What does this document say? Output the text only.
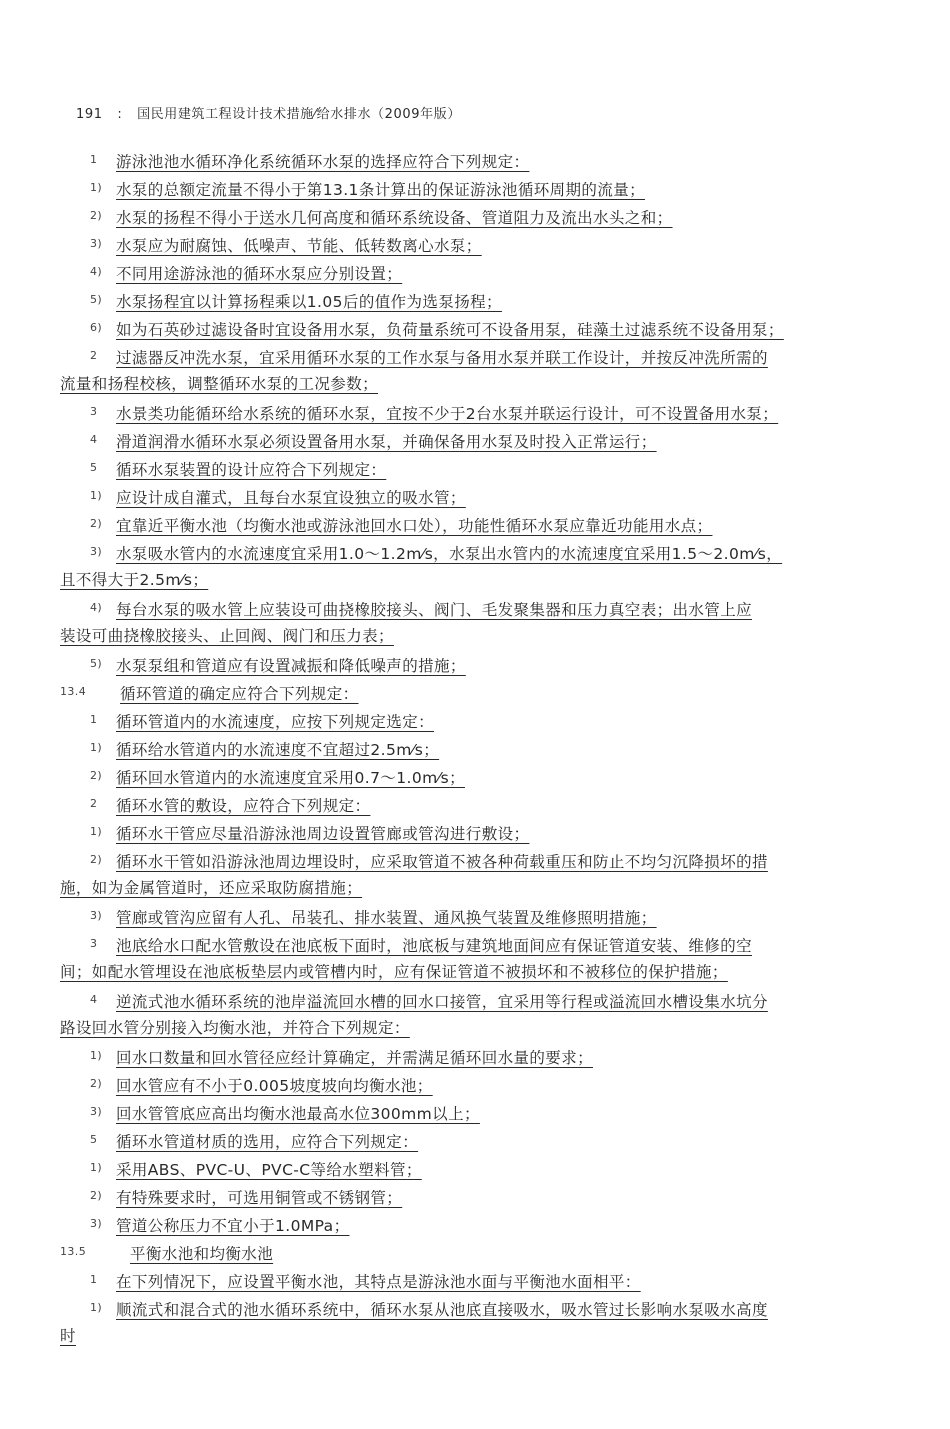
191 : 国民用建筑工程设计技术措施⁄给水排水（2009年版）
1 游泳池池水循环净化系统循环水泵的选择应符合下列规定：
1) 水泵的总额定流量不得小于第13.1条计算出的保证游泳池循环周期的流量；
2) 水泵的扬程不得小于送水几何高度和循环系统设备、管道阻力及流出水头之和；
3) 水泵应为耐腐蚀、低噪声、节能、低转数离心水泵；
4) 不同用途游泳池的循环水泵应分别设置；
5) 水泵扬程宜以计算扬程乘以1.05后的值作为选泵扬程；
6) 如为石英砂过滤设备时宜设备用水泵，负荷量系统可不设备用泵，硅藻土过滤系统不设备用泵；
2 过滤器反冲洗水泵，宜采用循环水泵的工作水泵与备用水泵并联工作设计，并按反冲洗所需的
流量和扬程校核，调整循环水泵的工况参数；
3 水景类功能循环给水系统的循环水泵，宜按不少于2台水泵并联运行设计，可不设置备用水泵；
4 滑道润滑水循环水泵必须设置备用水泵，并确保备用水泵及时投入正常运行；
5 循环水泵装置的设计应符合下列规定：
1) 应设计成自灌式，且每台水泵宜设独立的吸水管；
2) 宜靠近平衡水池（均衡水池或游泳池回水口处），功能性循环水泵应靠近功能用水点；
3) 水泵吸水管内的水流速度宜采用1.0～1.2m⁄s，水泵出水管内的水流速度宜采用1.5～2.0m⁄s，
且不得大于2.5m⁄s；
4) 每台水泵的吸水管上应装设可曲挠橡胶接头、阀门、毛发聚集器和压力真空表；出水管上应
装设可曲挠橡胶接头、止回阀、阀门和压力表；
5) 水泵泵组和管道应有设置减振和降低噪声的措施；
13.4 循环管道的确定应符合下列规定：
1 循环管道内的水流速度，应按下列规定选定：
1) 循环给水管道内的水流速度不宜超过2.5m⁄s；
2) 循环回水管道内的水流速度宜采用0.7～1.0m⁄s；
2 循环水管的敷设，应符合下列规定：
1) 循环水干管应尽量沿游泳池周边设置管廊或管沟进行敷设；
2) 循环水干管如沿游泳池周边埋设时，应采取管道不被各种荷载重压和防止不均匀沉降损坏的措
施，如为金属管道时，还应采取防腐措施；
3) 管廊或管沟应留有人孔、吊装孔、排水装置、通风换气装置及维修照明措施；
3 池底给水口配水管敷设在池底板下面时，池底板与建筑地面间应有保证管道安装、维修的空
间；如配水管埋设在池底板垫层内或管槽内时，应有保证管道不被损坏和不被移位的保护措施；
4 逆流式池水循环系统的池岸溢流回水槽的回水口接管，宜采用等行程或溢流回水槽设集水坑分
路设回水管分别接入均衡水池，并符合下列规定：
1) 回水口数量和回水管径应经计算确定，并需满足循环回水量的要求；
2) 回水管应有不小于0.005坡度坡向均衡水池；
3) 回水管管底应高出均衡水池最高水位300mm以上；
5 循环水管道材质的选用，应符合下列规定：
1) 采用ABS、PVC-U、PVC-C等给水塑料管；
2) 有特殊要求时，可选用铜管或不锈钢管；
3) 管道公称压力不宜小于1.0MPa；
13.5	平衡水池和均衡水池
1 在下列情况下，应设置平衡水池，其特点是游泳池水面与平衡池水面相平：
1) 顺流式和混合式的池水循环系统中，循环水泵从池底直接吸水，吸水管过长影响水泵吸水高度
时
